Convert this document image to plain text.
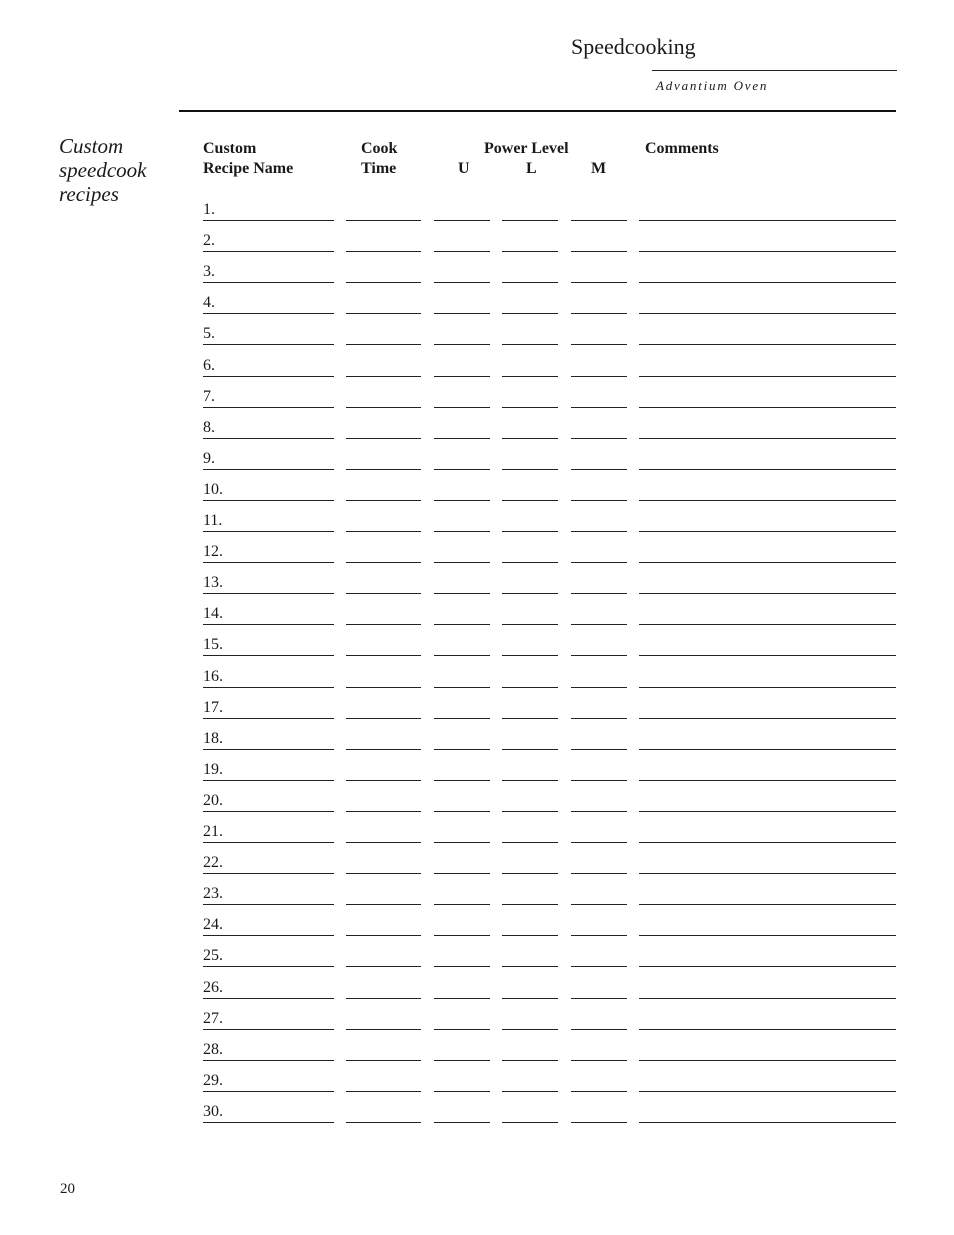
Speedcooking
Advantium Oven
Custom
speedcook
recipes
Custom
Recipe Name
Cook
Time
Power Level
U	L	M
Comments
1.
2.
3.
4.
5.
6.
7.
8.
9.
10.
11.
12.
13.
14.
15.
16.
17.
18.
19.
20.
21.
22.
23.
24.
25.
26.
27.
28.
29.
30.
20
